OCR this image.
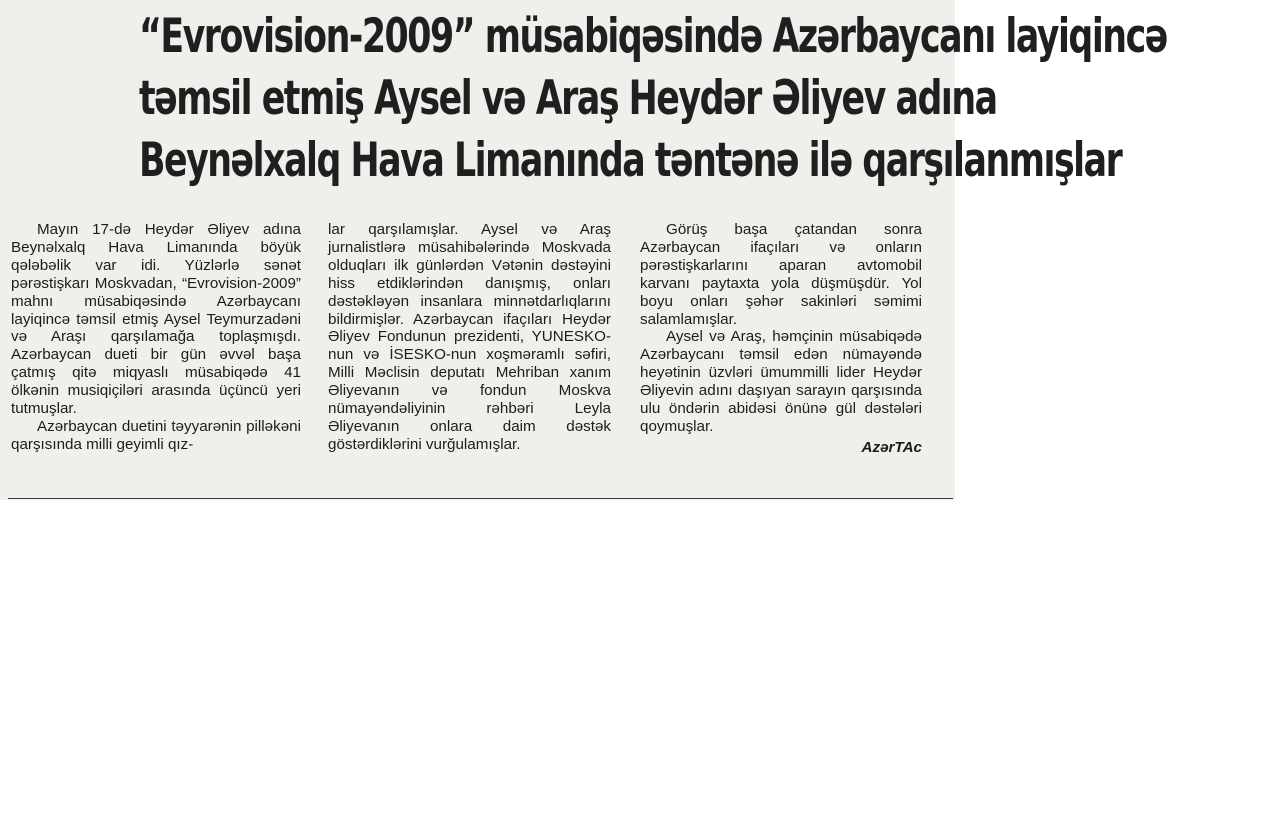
“Evrovision-2009” müsabiqəsində Azərbaycanı layiqincə
təmsil etmiş Aysel və Araş Heydər Əliyev adına
Beynəlxalq Hava Limanında təntənə ilə qarşılanmışlar

Mayın 17-də Heydər Əliyev adına Beynəlxalq Hava Limanında böyük qələbəlik var idi. Yüzlərlə sənət pərəstişkarı Moskvadan, “Evrovision-2009” mahnı müsabiqəsində Azərbaycanı layiqincə təmsil etmiş Aysel Teymurzadəni və Araşı qarşılamağa toplaşmışdı. Azərbaycan dueti bir gün əvvəl başa çatmış qitə miqyaslı müsabiqədə 41 ölkənin musiqiçiləri arasında üçüncü yeri tutmuşlar.

Azərbaycan duetini təyyarənin pilləkəni qarşısında milli geyimli qız-

lar qarşılamışlar. Aysel və Araş jurnalistlərə müsahibələrində Moskvada olduqları ilk günlərdən Vətənin dəstəyini hiss etdiklərindən danışmış, onları dəstəkləyən insanlara minnətdarlıqlarını bildirmişlər. Azərbaycan ifaçıları Heydər Əliyev Fondunun prezidenti, YUNESKO-nun və İSESKO-nun xoşməramlı səfiri, Milli Məclisin deputatı Mehriban xanım Əliyevanın və fondun Moskva nümayəndəliyinin rəhbəri Leyla Əliyevanın onlara daim dəstək göstərdiklərini vurğulamışlar.

Görüş başa çatandan sonra Azərbaycan ifaçıları və onların pərəstişkarlarını aparan avtomobil karvanı paytaxta yola düşmüşdür. Yol boyu onları şəhər sakinləri səmimi salamlamışlar.

Aysel və Araş, həmçinin müsabiqədə Azərbaycanı təmsil edən nümayəndə heyətinin üzvləri ümummilli lider Heydər Əliyevin adını daşıyan sarayın qarşısında ulu öndərin abidəsi önünə gül dəstələri qoymuşlar.

AzərTAc
